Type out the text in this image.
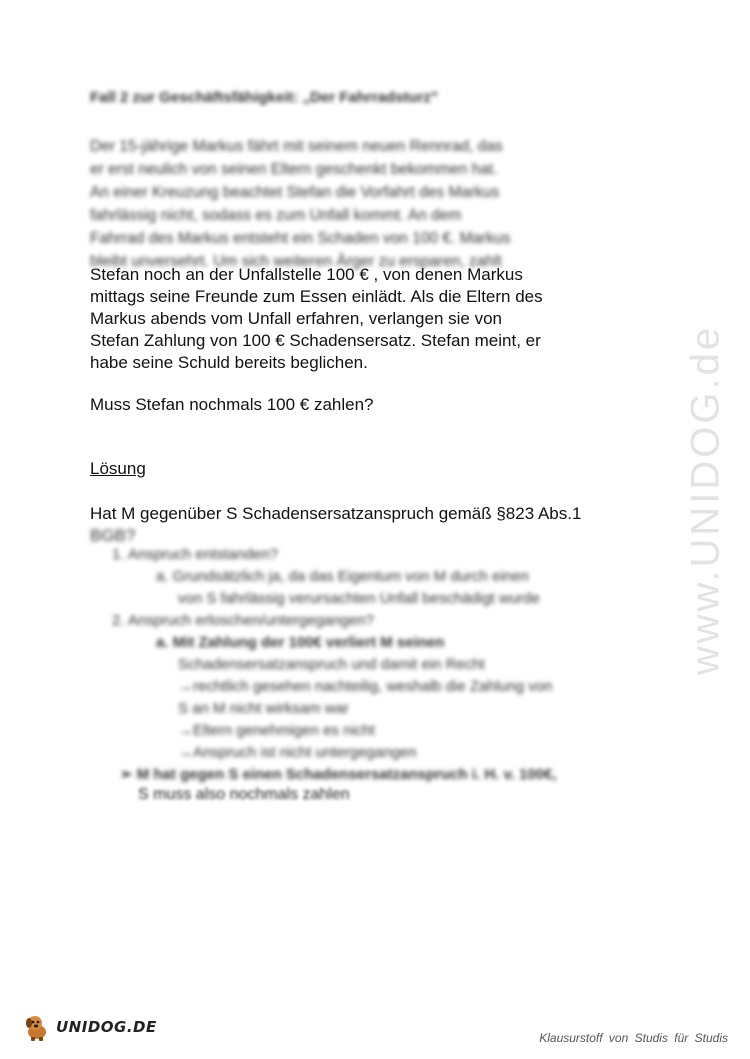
www.UNIDOG.de
Fall 2 zur Geschäftsfähigkeit: „Der Fahrradsturz"
Der 15-jährige Markus fährt mit seinem neuen Rennrad, das
er erst neulich von seinen Eltern geschenkt bekommen hat.
An einer Kreuzung beachtet Stefan die Vorfahrt des Markus
fahrlässig nicht, sodass es zum Unfall kommt. An dem
Fahrrad des Markus entsteht ein Schaden von 100 €. Markus
bleibt unversehrt. Um sich weiteren Ärger zu ersparen, zahlt
Stefan noch an der Unfallstelle 100 € , von denen Markus
mittags seine Freunde zum Essen einlädt. Als die Eltern des
Markus abends vom Unfall erfahren, verlangen sie von
Stefan Zahlung von 100 € Schadensersatz. Stefan meint, er
habe seine Schuld bereits beglichen.
Muss Stefan nochmals 100 € zahlen?
Lösung
Hat M gegenüber S Schadensersatzanspruch gemäß §823 Abs.1
BGB?
1. Anspruch entstanden?
a. Grundsätzlich ja, da das Eigentum von M durch einen
von S fahrlässig verursachten Unfall beschädigt wurde
2. Anspruch erloschen/untergegangen?
a. Mit Zahlung der 100€ verliert M seinen
Schadensersatzanspruch und damit ein Recht
→rechtlich gesehen nachteilig, weshalb die Zahlung von
S an M nicht wirksam war
→Eltern genehmigen es nicht
→Anspruch ist nicht untergegangen
➢ M hat gegen S einen Schadensersatzanspruch i. H. v. 100€,
S muss also nochmals zahlen
UNIDOG.DE
Klausurstoff von Studis für Studis
